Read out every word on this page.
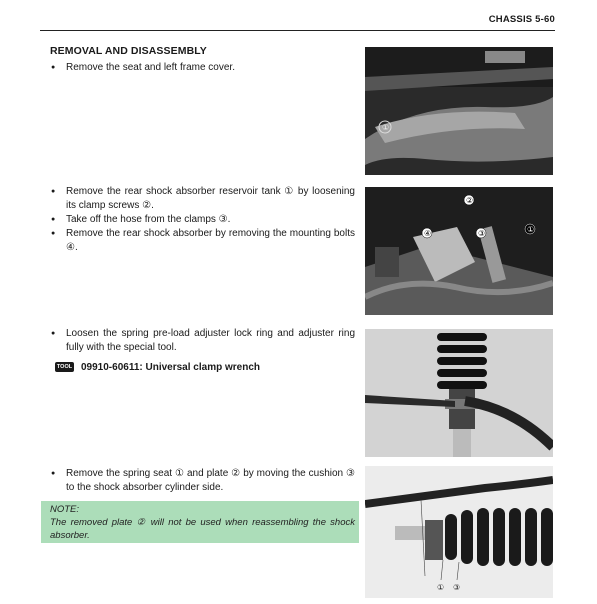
CHASSIS 5-60
REMOVAL AND DISASSEMBLY
● Remove the seat and left frame cover.
● Remove the rear shock absorber reservoir tank ① by loosening its clamp screws ②.
● Take off the hose from the clamps ③.
● Remove the rear shock absorber by removing the mounting bolts ④.
● Loosen the spring pre-load adjuster lock ring and adjuster ring fully with the special tool.
TOOL 09910-60611: Universal clamp wrench
● Remove the spring seat ① and plate ② by moving the cushion ③ to the shock absorber cylinder side.
NOTE:
The removed plate ② will not be used when reassembling the shock absorber.
①
②
①
④	③
②
① ③
